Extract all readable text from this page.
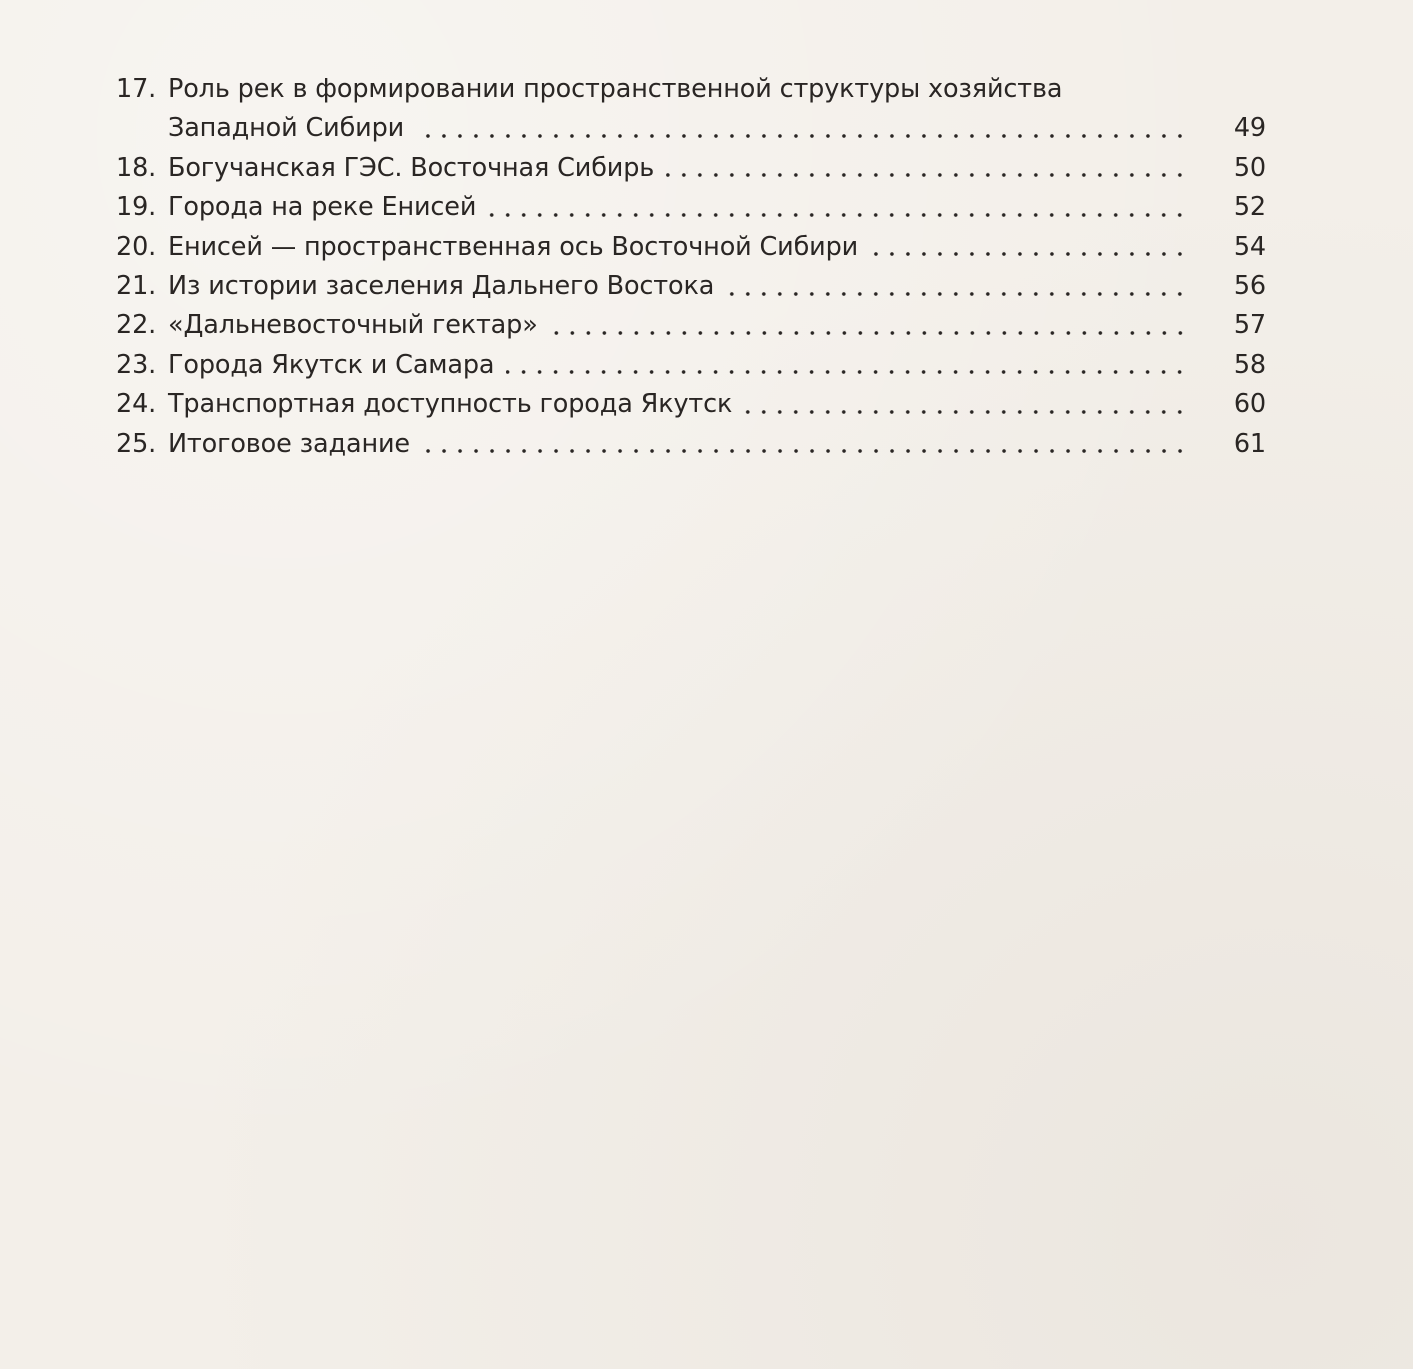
17. Роль рек в формировании пространственной структуры хозяйства
Западной Сибири	49
18. Богучанская ГЭС. Восточная Сибирь	50
19. Города на реке Енисей	52
20. Енисей — пространственная ось Восточной Сибири	54
21. Из истории заселения Дальнего Востока	56
22. «Дальневосточный гектар»	57
23. Города Якутск и Самара	58
24. Транспортная доступность города Якутск	60
25. Итоговое задание	61
